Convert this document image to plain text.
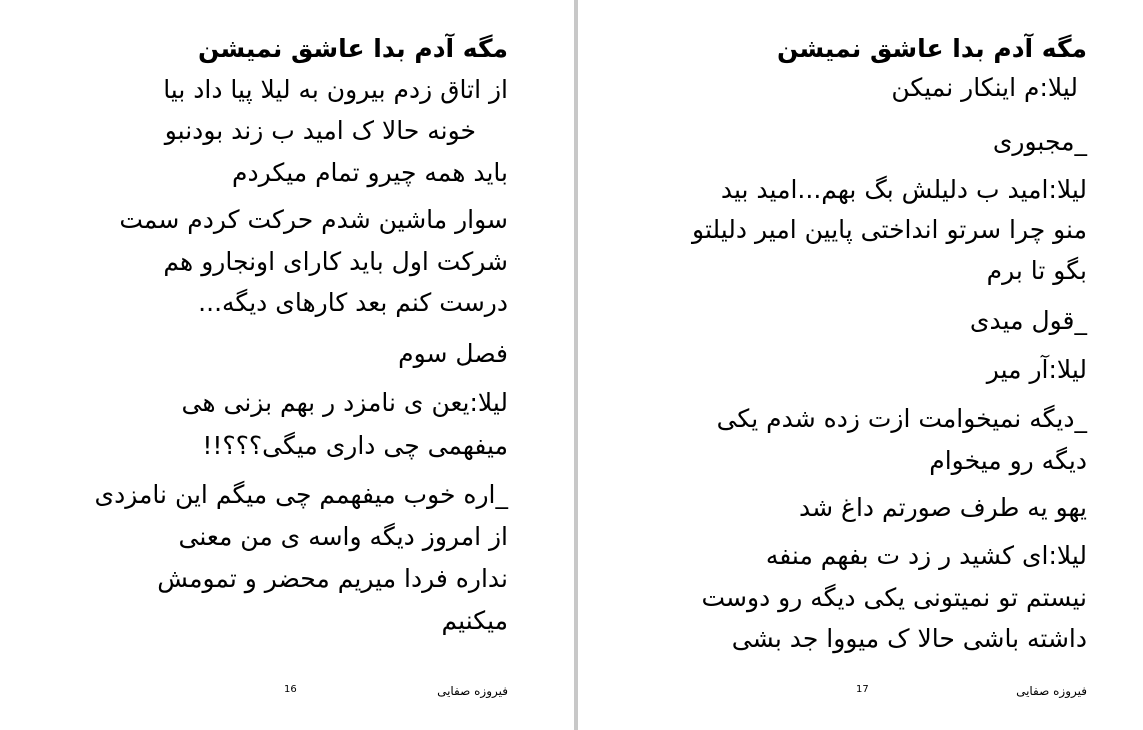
مگه آدم بدا عاشق نمیشن
از اتاق زدم بیرون به لیلا پیا داد بیا
خونه حالا ک امید ب زند بودنبو
باید همه چیرو تمام میکردم
سوار ماشین شدم حرکت کردم سمت
شرکت اول باید کارای اونجارو هم
درست کنم بعد کارهای دیگه...
فصل سوم
لیلا:یعن ی نامزد ر بهم بزنی هی
میفهمی چی داری میگی؟؟؟!!
_اره خوب میفهمم چی میگم این نامزدی
از امروز دیگه واسه ی من معنی
نداره فردا میریم محضر و تمومش
میکنیم
فیروزه صفایی
16
مگه آدم بدا عاشق نمیشن
لیلا:م اینکار نمیکن
_مجبوری
لیلا:امید ب دلیلش بگ بهم...امید بید
منو چرا سرتو انداختی پایین امیر دلیلتو
بگو تا برم
_قول میدی
لیلا:آر میر
_دیگه نمیخوامت ازت زده شدم یکی
دیگه رو میخوام
یهو یه طرف صورتم داغ شد
لیلا:ای کشید ر زد ت بفهم منفه
نیستم تو نمیتونی یکی دیگه رو دوست
داشته باشی حالا ک میووا جد بشی
فیروزه صفایی
17
